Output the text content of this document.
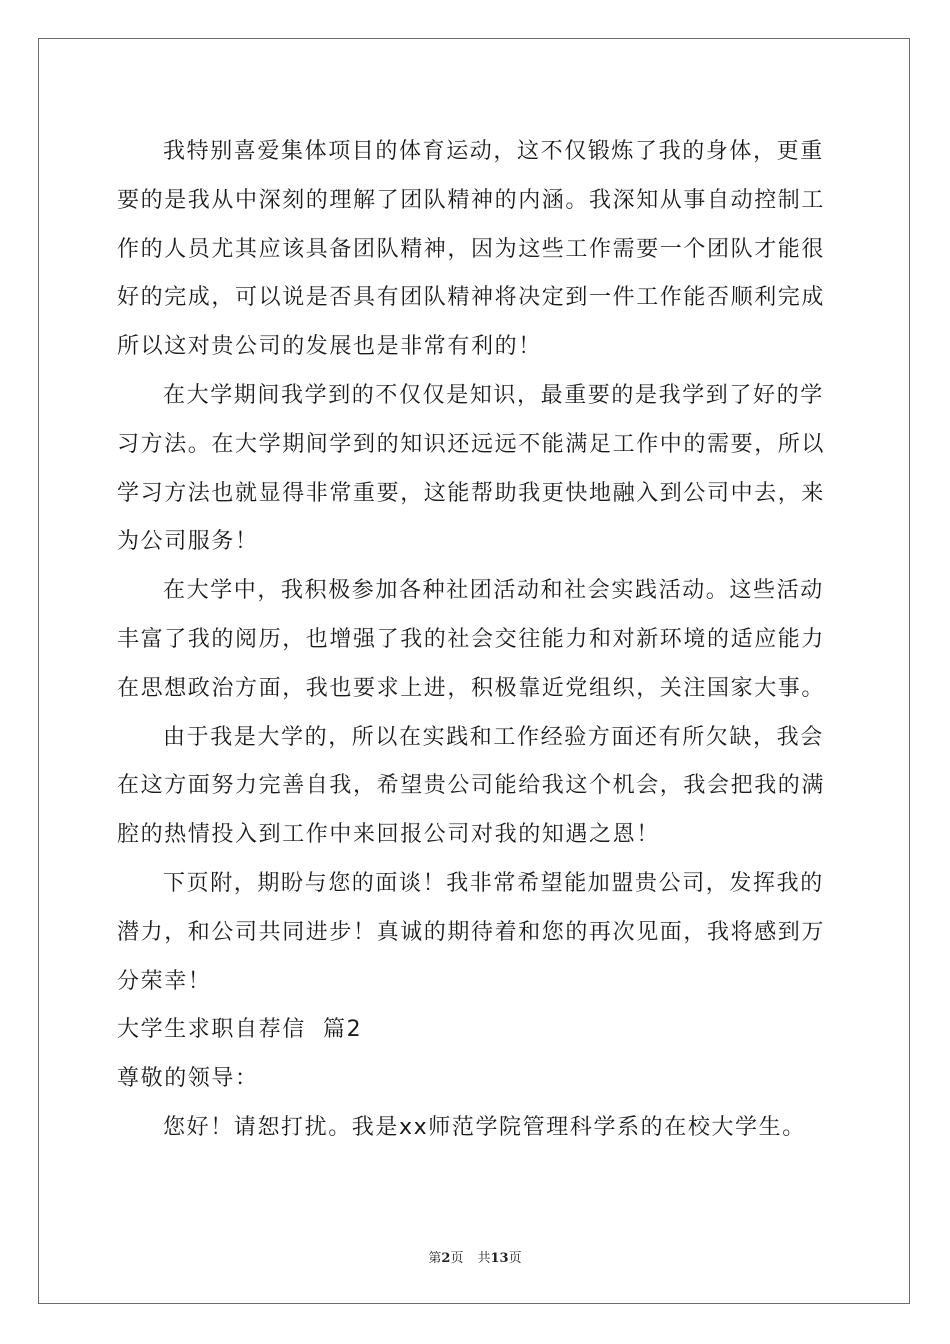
我特别喜爱集体项目的体育运动，这不仅锻炼了我的身体，更重
要的是我从中深刻的理解了团队精神的内涵。我深知从事自动控制工
作的人员尤其应该具备团队精神，因为这些工作需要一个团队才能很
好的完成，可以说是否具有团队精神将决定到一件工作能否顺利完成
所以这对贵公司的发展也是非常有利的！
在大学期间我学到的不仅仅是知识，最重要的是我学到了好的学
习方法。在大学期间学到的知识还远远不能满足工作中的需要，所以
学习方法也就显得非常重要，这能帮助我更快地融入到公司中去，来
为公司服务！
在大学中，我积极参加各种社团活动和社会实践活动。这些活动
丰富了我的阅历，也增强了我的社会交往能力和对新环境的适应能力
在思想政治方面，我也要求上进，积极靠近党组织，关注国家大事。
由于我是大学的，所以在实践和工作经验方面还有所欠缺，我会
在这方面努力完善自我，希望贵公司能给我这个机会，我会把我的满
腔的热情投入到工作中来回报公司对我的知遇之恩！
下页附，期盼与您的面谈！我非常希望能加盟贵公司，发挥我的
潜力，和公司共同进步！真诚的期待着和您的再次见面，我将感到万
分荣幸！
大学生求职自荐信  篇2
尊敬的领导：
您好！请恕打扰。我是xx师范学院管理科学系的在校大学生。
第2页 共13页
